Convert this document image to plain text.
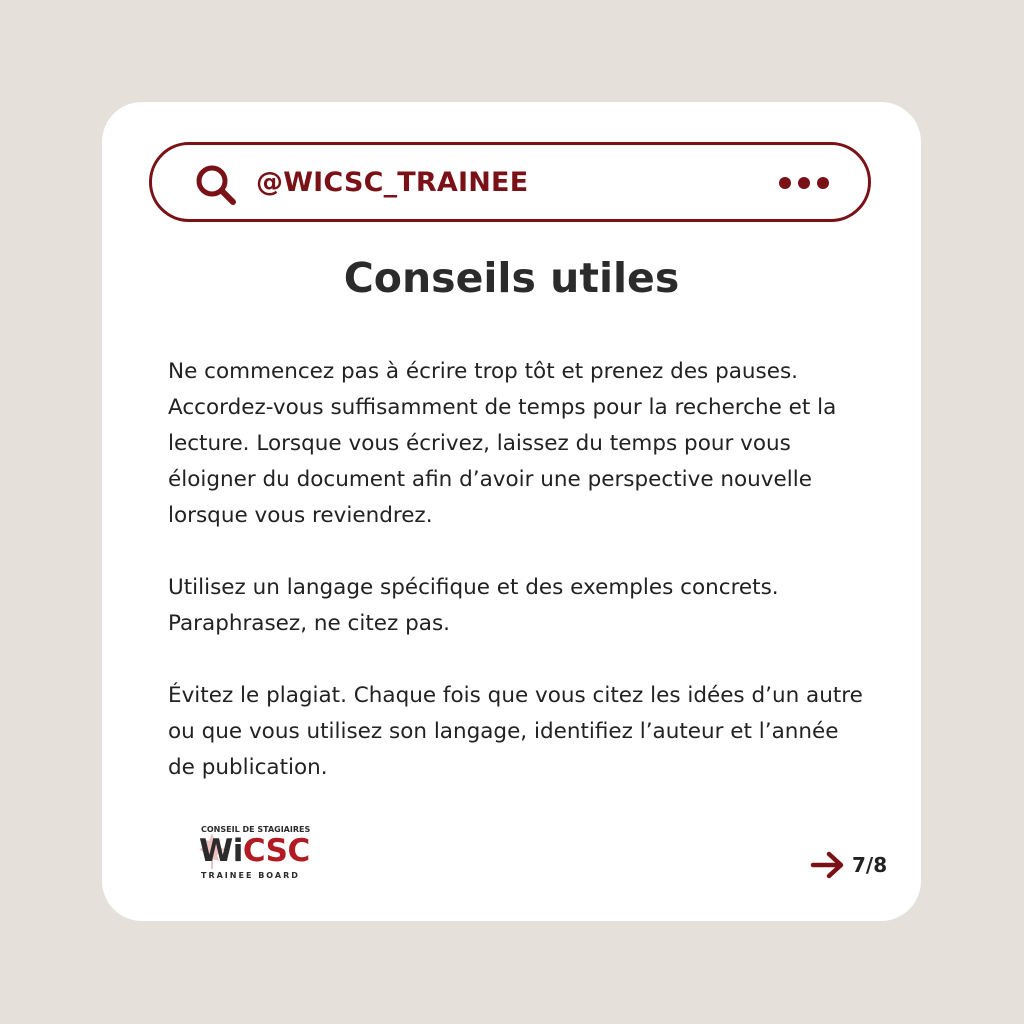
@WICSC_TRAINEE
Conseils utiles

Ne commencez pas à écrire trop tôt et prenez des pauses. Accordez-vous suffisamment de temps pour la recherche et la lecture. Lorsque vous écrivez, laissez du temps pour vous éloigner du document afin d’avoir une perspective nouvelle lorsque vous reviendrez.

Utilisez un langage spécifique et des exemples concrets. Paraphrasez, ne citez pas.

Évitez le plagiat. Chaque fois que vous citez les idées d’un autre ou que vous utilisez son langage, identifiez l’auteur et l’année de publication.

CONSEIL DE STAGIAIRES
WiCSC
TRAINEE BOARD	7/8
